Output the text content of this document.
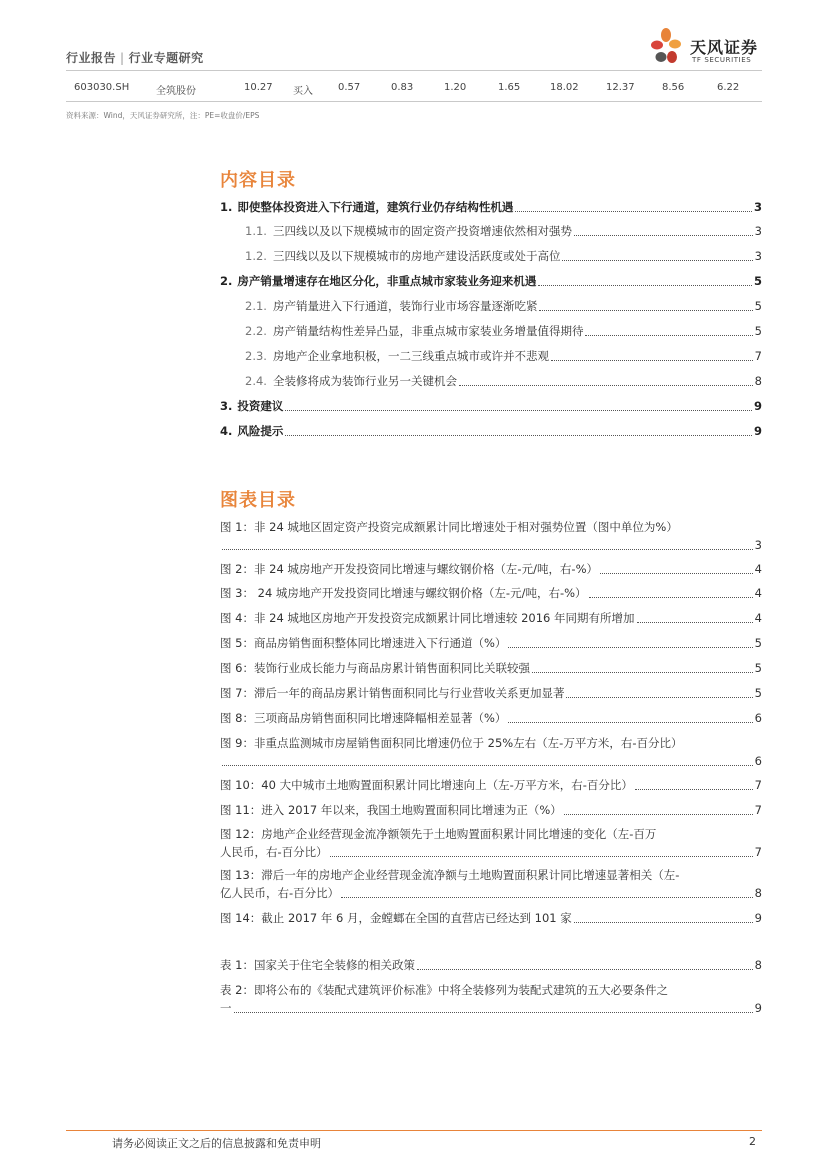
行业报告 | 行业专题研究
天风证券
TF SECURITIES
603030.SH	全筑股份	10.27 买入	0.57	0.83	1.20	1.65	18.02	12.37	8.56	6.22
资料来源：Wind，天风证券研究所，注：PE=收盘价/EPS
内容目录
1. 即使整体投资进入下行通道，建筑行业仍存结构性机遇	3
1.1. 三四线以及以下规模城市的固定资产投资增速依然相对强势	3
1.2. 三四线以及以下规模城市的房地产建设活跃度或处于高位	3
2. 房产销量增速存在地区分化，非重点城市家装业务迎来机遇	5
2.1. 房产销量进入下行通道，装饰行业市场容量逐渐吃紧	5
2.2. 房产销量结构性差异凸显，非重点城市家装业务增量值得期待	5
2.3. 房地产企业拿地积极，一二三线重点城市或许并不悲观	7
2.4. 全装修将成为装饰行业另一关键机会	8
3. 投资建议	9
4. 风险提示	9
图表目录
图 1：非 24 城地区固定资产投资完成额累计同比增速处于相对强势位置（图中单位为%）
3
图 2：非 24 城房地产开发投资同比增速与螺纹钢价格（左-元/吨，右-%）	4
图 3： 24 城房地产开发投资同比增速与螺纹钢价格（左-元/吨，右-%）	4
图 4：非 24 城地区房地产开发投资完成额累计同比增速较 2016 年同期有所增加	4
图 5：商品房销售面积整体同比增速进入下行通道（%）	5
图 6：装饰行业成长能力与商品房累计销售面积同比关联较强	5
图 7：滞后一年的商品房累计销售面积同比与行业营收关系更加显著	5
图 8：三项商品房销售面积同比增速降幅相差显著（%）	6
图 9：非重点监测城市房屋销售面积同比增速仍位于 25%左右（左-万平方米，右-百分比）
6
图 10：40 大中城市土地购置面积累计同比增速向上（左-万平方米，右-百分比）	7
图 11：进入 2017 年以来，我国土地购置面积同比增速为正（%）	7
图 12：房地产企业经营现金流净额领先于土地购置面积累计同比增速的变化（左-百万
人民币，右-百分比）	7
图 13：滞后一年的房地产企业经营现金流净额与土地购置面积累计同比增速显著相关（左-
亿人民币，右-百分比）	8
图 14：截止 2017 年 6 月，金螳螂在全国的直营店已经达到 101 家	9
表 1：国家关于住宅全装修的相关政策	8
表 2：即将公布的《装配式建筑评价标准》中将全装修列为装配式建筑的五大必要条件之
一	9
请务必阅读正文之后的信息披露和免责申明	2
